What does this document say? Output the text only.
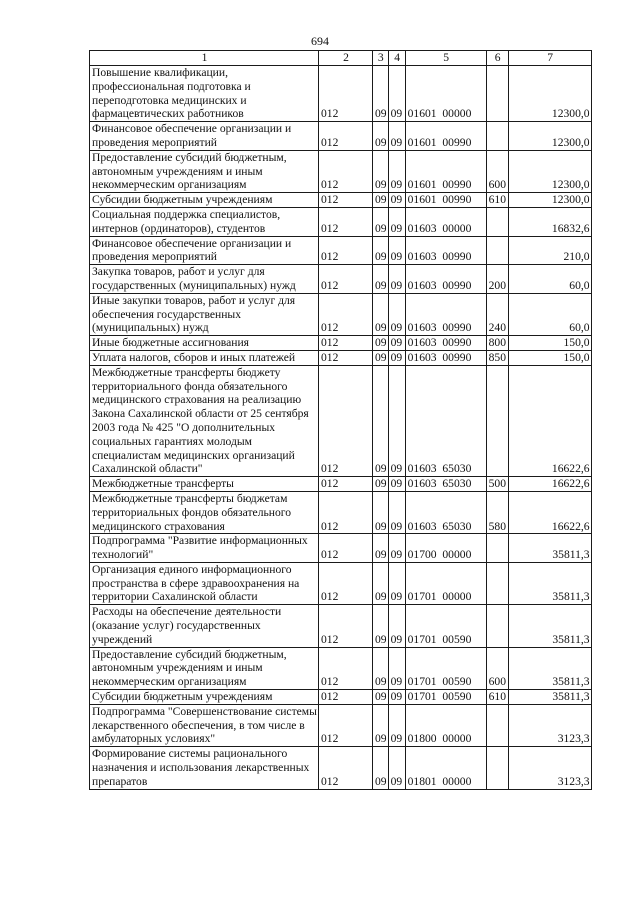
694
1	2	3	4	5	6	7
Повышение квалификации, профессиональная подготовка и переподготовка медицинских и фармацевтических работников	012	09	09	01601 00000		12300,0
Финансовое обеспечение организации и проведения мероприятий	012	09	09	01601 00990		12300,0
Предоставление субсидий бюджетным, автономным учреждениям и иным некоммерческим организациям	012	09	09	01601 00990	600	12300,0
Субсидии бюджетным учреждениям	012	09	09	01601 00990	610	12300,0
Социальная поддержка специалистов, интернов (ординаторов), студентов	012	09	09	01603 00000		16832,6
Финансовое обеспечение организации и проведения мероприятий	012	09	09	01603 00990		210,0
Закупка товаров, работ и услуг для государственных (муниципальных) нужд	012	09	09	01603 00990	200	60,0
Иные закупки товаров, работ и услуг для обеспечения государственных (муниципальных) нужд	012	09	09	01603 00990	240	60,0
Иные бюджетные ассигнования	012	09	09	01603 00990	800	150,0
Уплата налогов, сборов и иных платежей	012	09	09	01603 00990	850	150,0
Межбюджетные трансферты бюджету территориального фонда обязательного медицинского страхования на реализацию Закона Сахалинской области от 25 сентября 2003 года № 425 "О дополнительных социальных гарантиях молодым специалистам медицинских организаций Сахалинской области"	012	09	09	01603 65030		16622,6
Межбюджетные трансферты	012	09	09	01603 65030	500	16622,6
Межбюджетные трансферты бюджетам территориальных фондов обязательного медицинского страхования	012	09	09	01603 65030	580	16622,6
Подпрограмма "Развитие информационных технологий"	012	09	09	01700 00000		35811,3
Организация единого информационного пространства в сфере здравоохранения на территории Сахалинской области	012	09	09	01701 00000		35811,3
Расходы на обеспечение деятельности (оказание услуг) государственных учреждений	012	09	09	01701 00590		35811,3
Предоставление субсидий бюджетным, автономным учреждениям и иным некоммерческим организациям	012	09	09	01701 00590	600	35811,3
Субсидии бюджетным учреждениям	012	09	09	01701 00590	610	35811,3
Подпрограмма "Совершенствование системы лекарственного обеспечения, в том числе в амбулаторных условиях"	012	09	09	01800 00000		3123,3
Формирование системы рационального назначения и использования лекарственных препаратов	012	09	09	01801 00000		3123,3
